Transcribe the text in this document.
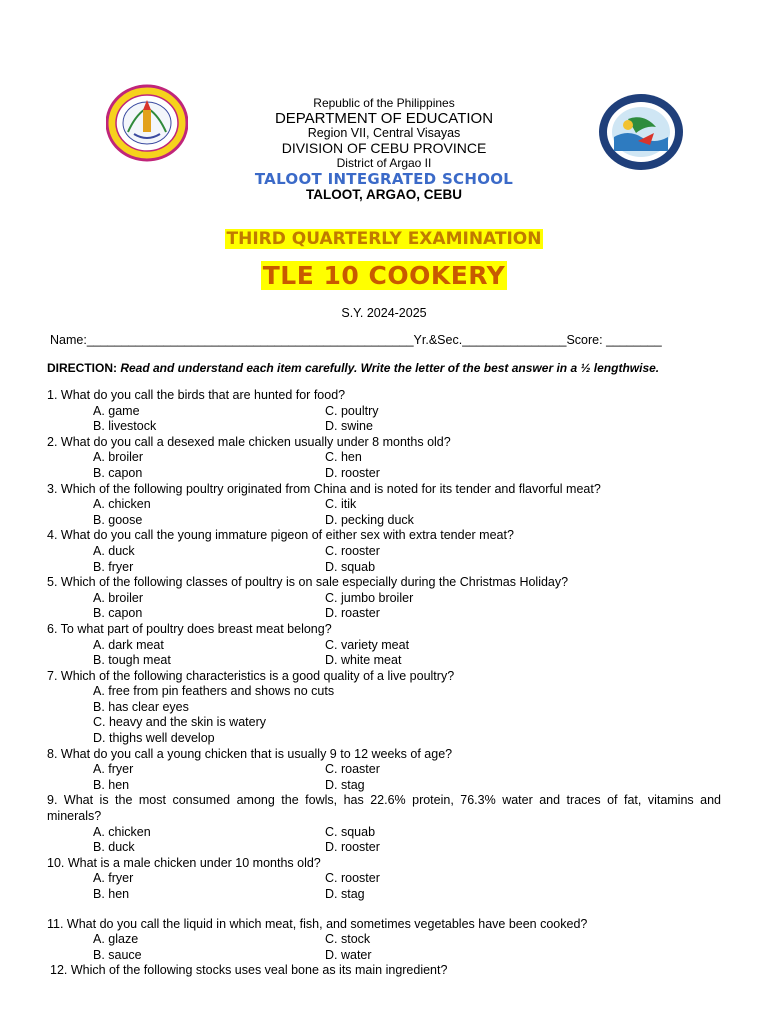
Republic of the Philippines
DEPARTMENT OF EDUCATION
Region VII, Central Visayas
DIVISION OF CEBU PROVINCE
District of Argao II
TALOOT INTEGRATED SCHOOL
TALOOT, ARGAO, CEBU
THIRD QUARTERLY EXAMINATION
TLE 10 COOKERY
S.Y. 2024-2025
Name:_______________________________________________Yr.&Sec._______________Score: ________
DIRECTION: Read and understand each item carefully. Write the letter of the best answer in a ½ lengthwise.
1. What do you call the birds that are hunted for food?
A. game	C. poultry
B. livestock	D. swine
2. What do you call a desexed male chicken usually under 8 months old?
A. broiler	C. hen
B. capon	D. rooster
3. Which of the following poultry originated from China and is noted for its tender and flavorful meat?
A. chicken	C. itik
B. goose	D. pecking duck
4. What do you call the young immature pigeon of either sex with extra tender meat?
A. duck	C. rooster
B. fryer	D. squab
5. Which of the following classes of poultry is on sale especially during the Christmas Holiday?
A. broiler	C. jumbo broiler
B. capon	D. roaster
6. To what part of poultry does breast meat belong?
A. dark meat	C. variety meat
B. tough meat	D. white meat
7. Which of the following characteristics is a good quality of a live poultry?
A. free from pin feathers and shows no cuts
B. has clear eyes
C. heavy and the skin is watery
D. thighs well develop
8. What do you call a young chicken that is usually 9 to 12 weeks of age?
A. fryer	C. roaster
B. hen	D. stag
9. What is the most consumed among the fowls, has 22.6% protein, 76.3% water and traces of fat, vitamins and minerals?
A. chicken	C. squab
B. duck	D. rooster
10. What is a male chicken under 10 months old?
A. fryer	C. rooster
B. hen	D. stag
11. What do you call the liquid in which meat, fish, and sometimes vegetables have been cooked?
A. glaze	C. stock
B. sauce	D. water
12. Which of the following stocks uses veal bone as its main ingredient?
